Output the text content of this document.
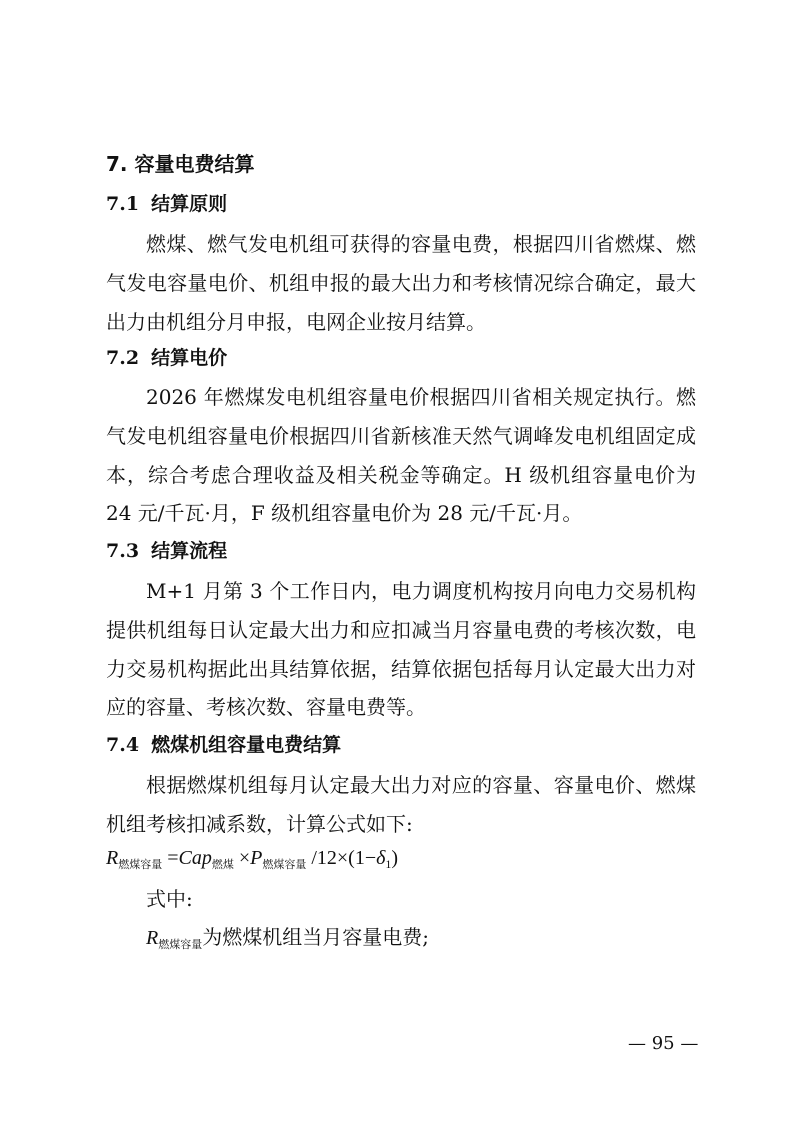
7. 容量电费结算
7.1 结算原则

燃煤、燃气发电机组可获得的容量电费，根据四川省燃煤、燃气发电容量电价、机组申报的最大出力和考核情况综合确定，最大出力由机组分月申报，电网企业按月结算。

7.2 结算电价

2026 年燃煤发电机组容量电价根据四川省相关规定执行。燃气发电机组容量电价根据四川省新核准天然气调峰发电机组固定成本，综合考虑合理收益及相关税金等确定。H 级机组容量电价为 24 元/千瓦·月，F 级机组容量电价为 28 元/千瓦·月。

7.3 结算流程

M+1 月第 3 个工作日内，电力调度机构按月向电力交易机构提供机组每日认定最大出力和应扣减当月容量电费的考核次数，电力交易机构据此出具结算依据，结算依据包括每月认定最大出力对应的容量、考核次数、容量电费等。

7.4 燃煤机组容量电费结算

根据燃煤机组每月认定最大出力对应的容量、容量电价、燃煤机组考核扣减系数，计算公式如下:

$R_{燃煤容量} =Cap_{燃煤} \times P_{燃煤容量}$ $/12\times(1-\delta_1)$

式中:

$R_{燃煤容量}$为燃煤机组当月容量电费;

— 95 —
